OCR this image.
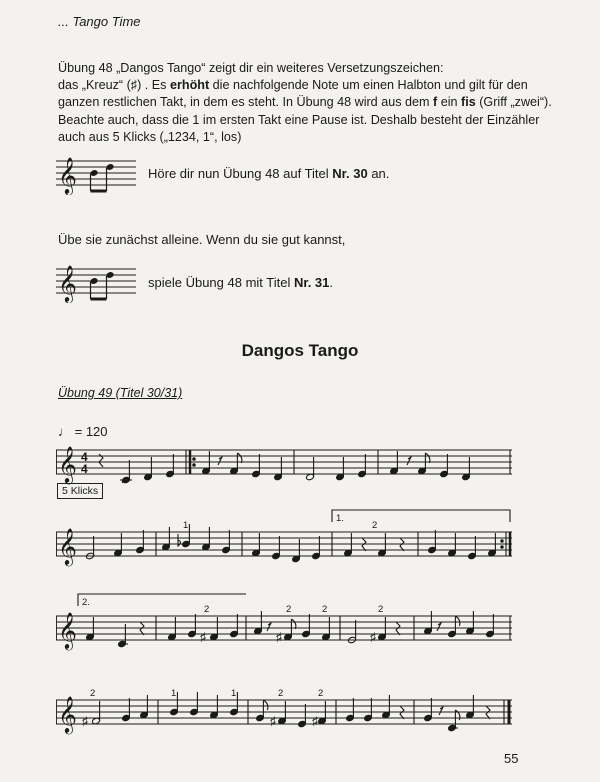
... Tango Time
Übung 48 „Dangos Tango“ zeigt dir ein weiteres Versetzungszeichen:
das „Kreuz“ (♯) . Es erhöht die nachfolgende Note um einen Halbton und gilt für den
ganzen restlichen Takt, in dem es steht. In Übung 48 wird aus dem f ein fis (Griff „zwei“).
Beachte auch, dass die 1 im ersten Takt eine Pause ist. Deshalb besteht der Einzähler
auch aus 5 Klicks („1234, 1“, los)
𝄞	Höre dir nun Übung 48 auf Titel Nr. 30 an.
Übe sie zunächst alleine. Wenn du sie gut kannst,
𝄞	spiele Übung 48 mit Titel Nr. 31.
Dangos Tango
Übung 49 (Titel 30/31)
♩ = 120
5 Klicks
𝄞 4
4
𝄞
1.
1	2
𝄞	♯	♯	♯
2.
2	2	2	2
𝄞 ♯	♯	♯
2	1	1	2	2
55
